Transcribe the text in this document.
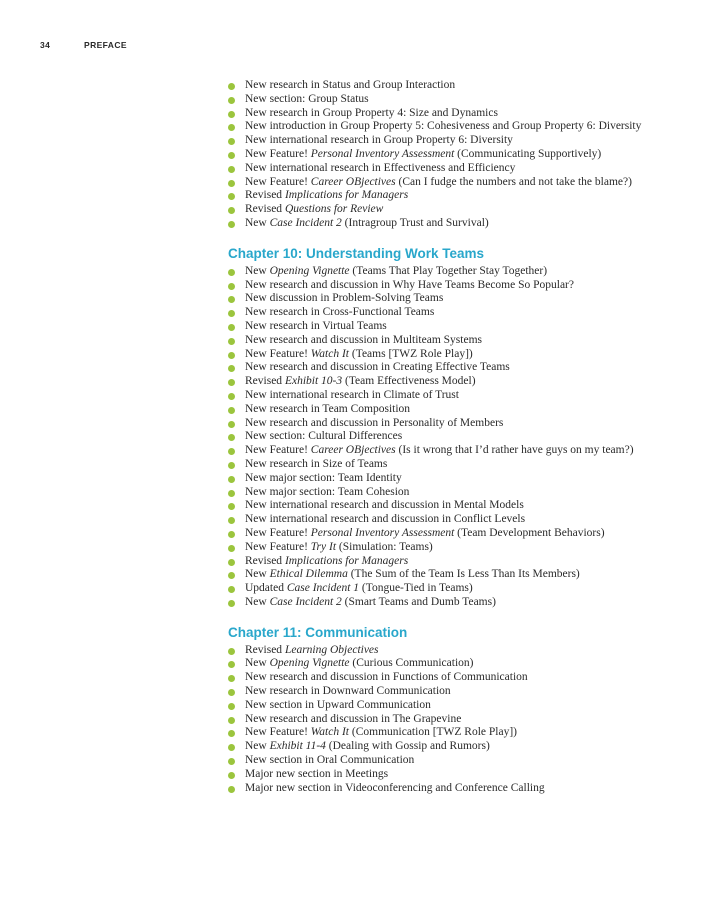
34	PREFACE
New research in Status and Group Interaction
New section: Group Status
New research in Group Property 4: Size and Dynamics
New introduction in Group Property 5: Cohesiveness and Group Property 6: Diversity
New international research in Group Property 6: Diversity
New Feature! Personal Inventory Assessment (Communicating Supportively)
New international research in Effectiveness and Efficiency
New Feature! Career OBjectives (Can I fudge the numbers and not take the blame?)
Revised Implications for Managers
Revised Questions for Review
New Case Incident 2 (Intragroup Trust and Survival)
Chapter 10: Understanding Work Teams
New Opening Vignette (Teams That Play Together Stay Together)
New research and discussion in Why Have Teams Become So Popular?
New discussion in Problem-Solving Teams
New research in Cross-Functional Teams
New research in Virtual Teams
New research and discussion in Multiteam Systems
New Feature! Watch It (Teams [TWZ Role Play])
New research and discussion in Creating Effective Teams
Revised Exhibit 10-3 (Team Effectiveness Model)
New international research in Climate of Trust
New research in Team Composition
New research and discussion in Personality of Members
New section: Cultural Differences
New Feature! Career OBjectives (Is it wrong that I’d rather have guys on my team?)
New research in Size of Teams
New major section: Team Identity
New major section: Team Cohesion
New international research and discussion in Mental Models
New international research and discussion in Conflict Levels
New Feature! Personal Inventory Assessment (Team Development Behaviors)
New Feature! Try It (Simulation: Teams)
Revised Implications for Managers
New Ethical Dilemma (The Sum of the Team Is Less Than Its Members)
Updated Case Incident 1 (Tongue-Tied in Teams)
New Case Incident 2 (Smart Teams and Dumb Teams)
Chapter 11: Communication
Revised Learning Objectives
New Opening Vignette (Curious Communication)
New research and discussion in Functions of Communication
New research in Downward Communication
New section in Upward Communication
New research and discussion in The Grapevine
New Feature! Watch It (Communication [TWZ Role Play])
New Exhibit 11-4 (Dealing with Gossip and Rumors)
New section in Oral Communication
Major new section in Meetings
Major new section in Videoconferencing and Conference Calling
